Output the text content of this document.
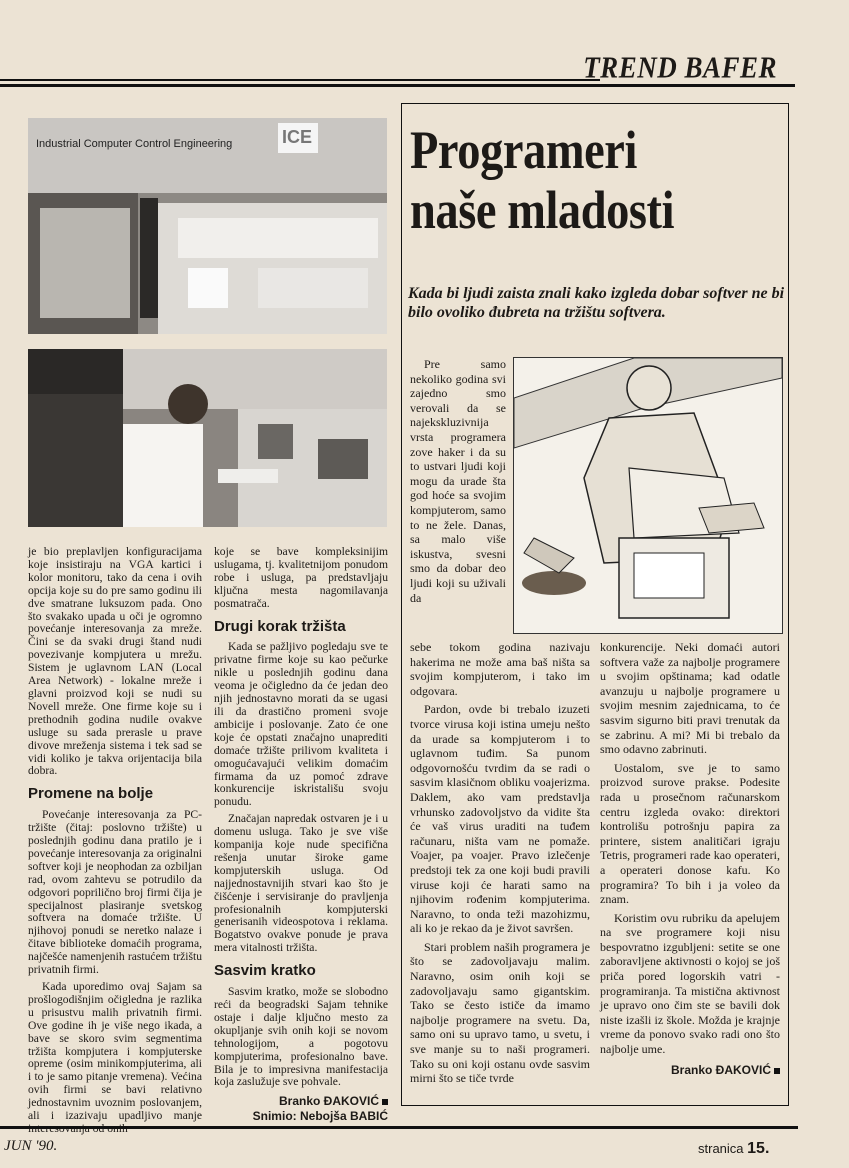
TREND BAFER
Industrial Computer Control Engineering	ICE

je bio preplavljen konfiguracijama koje insistiraju na VGA kartici i kolor monitoru, tako da cena i ovih opcija koje su do pre samo godinu ili dve smatrane luksuzom pada. Ono što svakako upada u oči je ogromno povećanje interesovanja za mreže. Čini se da svaki drugi štand nudi povezivanje kompjutera u mrežu. Sistem je uglavnom LAN (Local Area Network) - lokalne mreže i glavni proizvod koji se nudi su Novell mreže. One firme koje su i prethodnih godina nudile ovakve usluge su sada prerasle u prave divove mreženja sistema i tek sad se vidi koliko je takva orijentacija bila dobra.

Promene na bolje

Povećanje interesovanja za PC-tržište (čitaj: poslovno tržište) u poslednjih godinu dana pratilo je i povećanje interesovanja za originalni softver koji je neophodan za ozbiljan rad, ovom zahtevu se potrudilo da odgovori poprilično broj firmi čija je specijalnost plasiranje svetskog softvera na domaće tržište. U njihovoj ponudi se neretko nalaze i čitave biblioteke domaćih programa, najčešće namenjenih rastućem tržištu privatnih firmi.

Kada uporedimo ovaj Sajam sa prošlogodišnjim očigledna je razlika u prisustvu malih privatnih firmi. Ove godine ih je više nego ikada, a bave se skoro svim segmentima tržišta kompjutera i kompjuterske opreme (osim minikompjuterima, ali i to je samo pitanje vremena). Većina ovih firmi se bavi relativno jednostavnim uvoznim poslovanjem, ali i izazivaju upadljivo manje

koje se bave kompleksinijim uslugama, tj. kvalitetnijom ponudom robe i usluga, pa predstavljaju ključna mesta nagomilavanja posmatrača.

Drugi korak tržišta

Kada se pažljivo pogledaju sve te privatne firme koje su kao pečurke nikle u poslednjih godinu dana veoma je očigledno da će jedan deo njih jednostavno morati da se ugasi ili da drastično promeni svoje ambicije i poslovanje. Zato će one koje će opstati značajno unaprediti domaće tržište prilivom kvaliteta i omogućavajući velikim domaćim firmama da uz pomoć zdrave konkurencije iskristališu svoju ponudu.

Značajan napredak ostvaren je i u domenu usluga. Tako je sve više kompanija koje nude specifična rešenja unutar široke game kompjuterskih usluga. Od najjednostavnijih stvari kao što je čišćenje i servisiranje do pravljenja profesionalnih kompjuterski generisanih videospotova i reklama. Bogatstvo ovakve ponude je prava mera vitalnosti tržišta.

Sasvim kratko

Sasvim kratko, može se slobodno reći da beogradski Sajam tehnike ostaje i dalje ključno mesto za okupljanje svih onih koji se novom tehnologijom, a pogotovu kompjuterima, profesionalno bave. Bila je to impresivna manifestacija koja zaslužuje sve pohvale.

Branko ĐAKOVIĆ
Snimio: Nebojša BABIĆ
Programeri naše mladosti
Kada bi ljudi zaista znali kako izgleda dobar softver ne bi bilo ovoliko đubreta na tržištu softvera.

Pre samo nekoliko godina svi zajedno smo verovali da se najekskluzivnija vrsta programera zove haker i da su to ustvari ljudi koji mogu da urade šta god hoće sa svojim kompjuterom, samo to ne žele. Danas, sa malo više iskustva, svesni smo da dobar deo ljudi koji su uživali da

sebe tokom godina nazivaju hakerima ne može ama baš ništa sa svojim kompjuterom, i tako im odgovara.

Pardon, ovde bi trebalo izuzeti tvorce virusa koji istina umeju nešto da urade sa kompjuterom i to uglavnom tuđim. Sa punom odgovornošću tvrdim da se radi o sasvim klasičnom obliku voajerizma. Daklem, ako vam predstavlja vrhunsko zadovoljstvo da vidite šta će vaš virus uraditi na tuđem računaru, ništa vam ne pomaže. Voajer, pa voajer. Pravo izlečenje predstoji tek za one koji budi pravili viruse koji će harati samo na njihovim rođenim kompjuterima. Naravno, to onda teži mazohizmu, ali ko je rekao da je život savršen.

Stari problem naših programera je što se zadovoljavaju malim. Naravno, osim onih koji se zadovoljavaju samo gigantskim. Tako se često ističe da imamo najbolje programere na svetu. Da, samo oni su upravo tamo, u svetu, i sve manje su to naši programeri. Tako su oni koji ostanu ovde sasvim mirni što se tiče tvrde

konkurencije. Neki domaći autori softvera važe za najbolje programere u svojim opštinama; kad odatle avanzuju u najbolje programere u svojim mesnim zajednicama, to će sasvim sigurno biti pravi trenutak da se zabrinu. A mi? Mi bi trebalo da smo odavno zabrinuti.

Uostalom, sve je to samo proizvod surove prakse. Podesite rada u prosečnom računarskom centru izgleda ovako: direktori kontrolišu potrošnju papira za printere, sistem analitičari igraju Tetris, programeri rade kao operateri, a operateri donose kafu. Ko programira? To bih i ja voleo da znam.

Koristim ovu rubriku da apelujem na sve programere koji nisu bespovratno izgubljeni: setite se one zaboravljene aktivnosti o kojoj se još priča pored logorskih vatri - programiranja. Ta mistična aktivnost je upravo ono čim ste se bavili dok niste izašli iz škole. Možda je krajnje vreme da ponovo svako radi ono što najbolje ume.

Branko ĐAKOVIĆ
JUN '90.	stranica 15.
